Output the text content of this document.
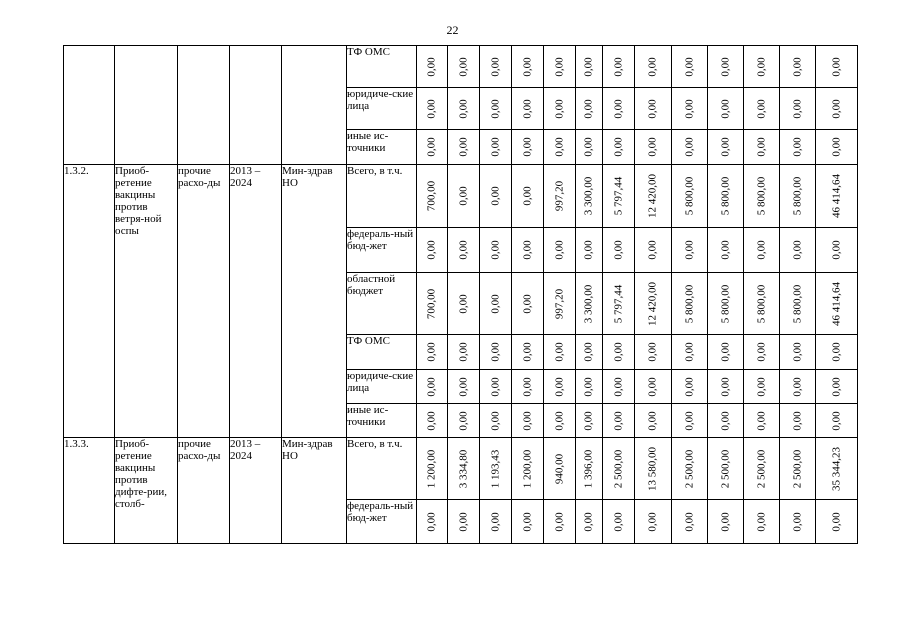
22
					ТФ ОМС	0,00	0,00	0,00	0,00	0,00	0,00	0,00	0,00	0,00	0,00	0,00	0,00	0,00

					юридиче-ские лица	0,00	0,00	0,00	0,00	0,00	0,00	0,00	0,00	0,00	0,00	0,00	0,00	0,00

					иные ис-точники	0,00	0,00	0,00	0,00	0,00	0,00	0,00	0,00	0,00	0,00	0,00	0,00	0,00

1.3.2.	Приоб-ретение вакцины против ветря-ной оспы	прочие расхо-ды	2013 – 2024	Мин-здрав НО	Всего, в т.ч.	700,00	0,00	0,00	0,00	997,20	3 300,00	5 797,44	12 420,00	5 800,00	5 800,00	5 800,00	5 800,00	46 414,64

					федераль-ный бюд-жет	0,00	0,00	0,00	0,00	0,00	0,00	0,00	0,00	0,00	0,00	0,00	0,00	0,00

					областной бюджет	700,00	0,00	0,00	0,00	997,20	3 300,00	5 797,44	12 420,00	5 800,00	5 800,00	5 800,00	5 800,00	46 414,64

					ТФ ОМС	0,00	0,00	0,00	0,00	0,00	0,00	0,00	0,00	0,00	0,00	0,00	0,00	0,00

					юридиче-ские лица	0,00	0,00	0,00	0,00	0,00	0,00	0,00	0,00	0,00	0,00	0,00	0,00	0,00

					иные ис-точники	0,00	0,00	0,00	0,00	0,00	0,00	0,00	0,00	0,00	0,00	0,00	0,00	0,00

1.3.3.	Приоб-ретение вакцины против дифте-рии, столб-	прочие расхо-ды	2013 – 2024	Мин-здрав НО	Всего, в т.ч.	1 200,00	3 334,80	1 193,43	1 200,00	940,00	1 396,00	2 500,00	13 580,00	2 500,00	2 500,00	2 500,00	2 500,00	35 344,23

					федераль-ный бюд-жет	0,00	0,00	0,00	0,00	0,00	0,00	0,00	0,00	0,00	0,00	0,00	0,00	0,00
